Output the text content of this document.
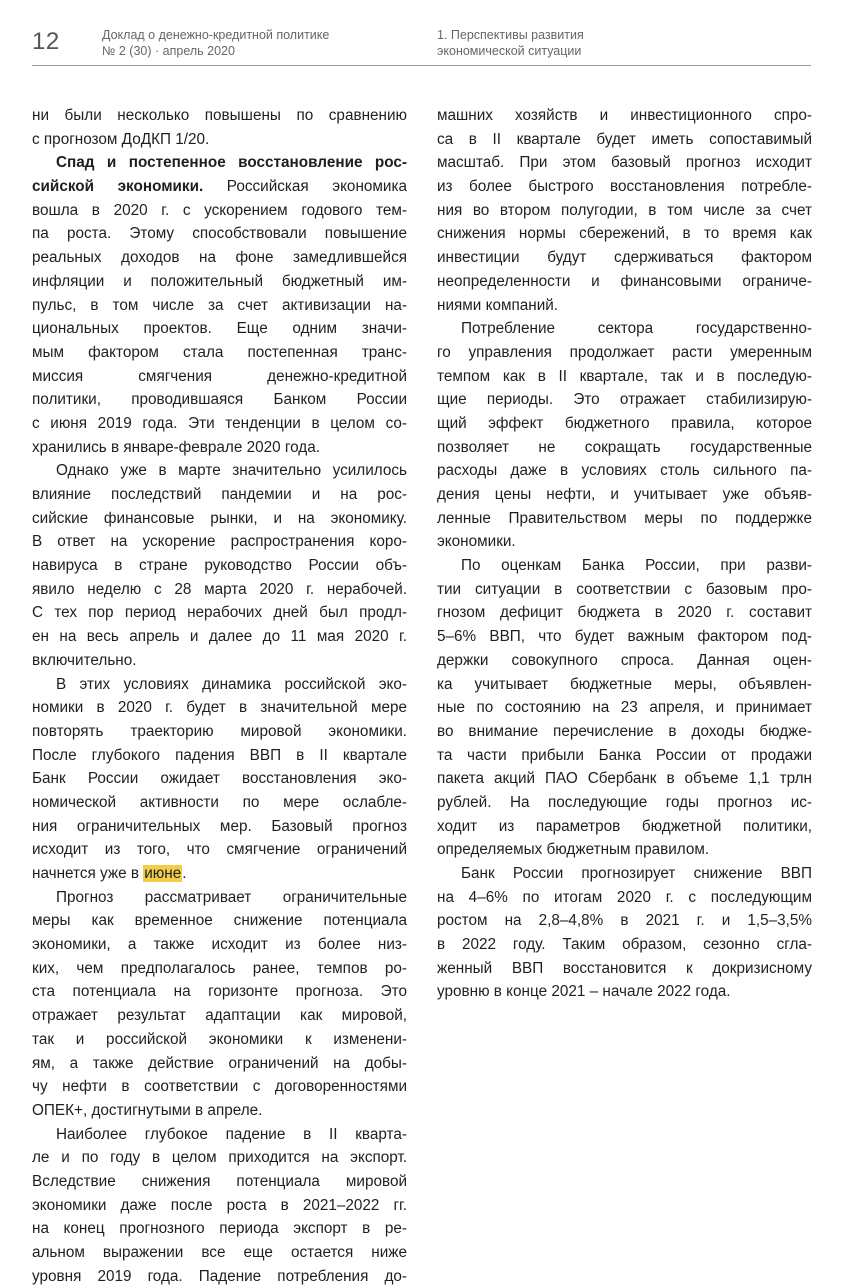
12	Доклад о денежно-кредитной политике
№ 2 (30) · апрель 2020
1. Перспективы развития
экономической ситуации

ни были несколько повышены по сравнению
с прогнозом ДоДКП 1/20.

Спад и постепенное восстановление рос-
сийской экономики. Российская экономика
вошла в 2020 г. с ускорением годового тем-
па роста. Этому способствовали повышение
реальных доходов на фоне замедлившейся
инфляции и положительный бюджетный им-
пульс, в том числе за счет активизации на-
циональных проектов. Еще одним значи-
мым фактором стала постепенная транс-
миссия смягчения денежно-кредитной
политики, проводившаяся Банком России
с июня 2019 года. Эти тенденции в целом со-
хранились в январе-феврале 2020 года.

Однако уже в марте значительно усилилось
влияние последствий пандемии и на рос-
сийские финансовые рынки, и на экономику.
В ответ на ускорение распространения коро-
навируса в стране руководство России объ-
явило неделю с 28 марта 2020 г. нерабочей.
С тех пор период нерабочих дней был продл-
ен на весь апрель и далее до 11 мая 2020 г.
включительно.

В этих условиях динамика российской эко-
номики в 2020 г. будет в значительной мере
повторять траекторию мировой экономики.
После глубокого падения ВВП в II квартале
Банк России ожидает восстановления эко-
номической активности по мере ослабле-
ния ограничительных мер. Базовый прогноз
исходит из того, что смягчение ограничений
начнется уже в июне.

Прогноз рассматривает ограничительные
меры как временное снижение потенциала
экономики, а также исходит из более низ-
ких, чем предполагалось ранее, темпов ро-
ста потенциала на горизонте прогноза. Это
отражает результат адаптации как мировой,
так и российской экономики к изменени-
ям, а также действие ограничений на добы-
чу нефти в соответствии с договоренностями
ОПЕК+, достигнутыми в апреле.

Наиболее глубокое падение в II кварта-
ле и по году в целом приходится на экспорт.
Вследствие снижения потенциала мировой
экономики даже после роста в 2021–2022 гг.
на конец прогнозного периода экспорт в ре-
альном выражении все еще остается ниже
уровня 2019 года. Падение потребления до-

машних хозяйств и инвестиционного спро-
са в II квартале будет иметь сопоставимый
масштаб. При этом базовый прогноз исходит
из более быстрого восстановления потребле-
ния во втором полугодии, в том числе за счет
снижения нормы сбережений, в то время как
инвестиции будут сдерживаться фактором
неопределенности и финансовыми ограниче-
ниями компаний.

Потребление сектора государственно-
го управления продолжает расти умеренным
темпом как в II квартале, так и в последую-
щие периоды. Это отражает стабилизирую-
щий эффект бюджетного правила, которое
позволяет не сокращать государственные
расходы даже в условиях столь сильного па-
дения цены нефти, и учитывает уже объяв-
ленные Правительством меры по поддержке
экономики.

По оценкам Банка России, при разви-
тии ситуации в соответствии с базовым про-
гнозом дефицит бюджета в 2020 г. составит
5–6% ВВП, что будет важным фактором под-
держки совокупного спроса. Данная оцен-
ка учитывает бюджетные меры, объявлен-
ные по состоянию на 23 апреля, и принимает
во внимание перечисление в доходы бюдже-
та части прибыли Банка России от продажи
пакета акций ПАО Сбербанк в объеме 1,1 трлн
рублей. На последующие годы прогноз ис-
ходит из параметров бюджетной политики,
определяемых бюджетным правилом.

Банк России прогнозирует снижение ВВП
на 4–6% по итогам 2020 г. с последующим
ростом на 2,8–4,8% в 2021 г. и 1,5–3,5%
в 2022 году. Таким образом, сезонно сгла-
женный ВВП восстановится к докризисному
уровню в конце 2021 – начале 2022 года.
